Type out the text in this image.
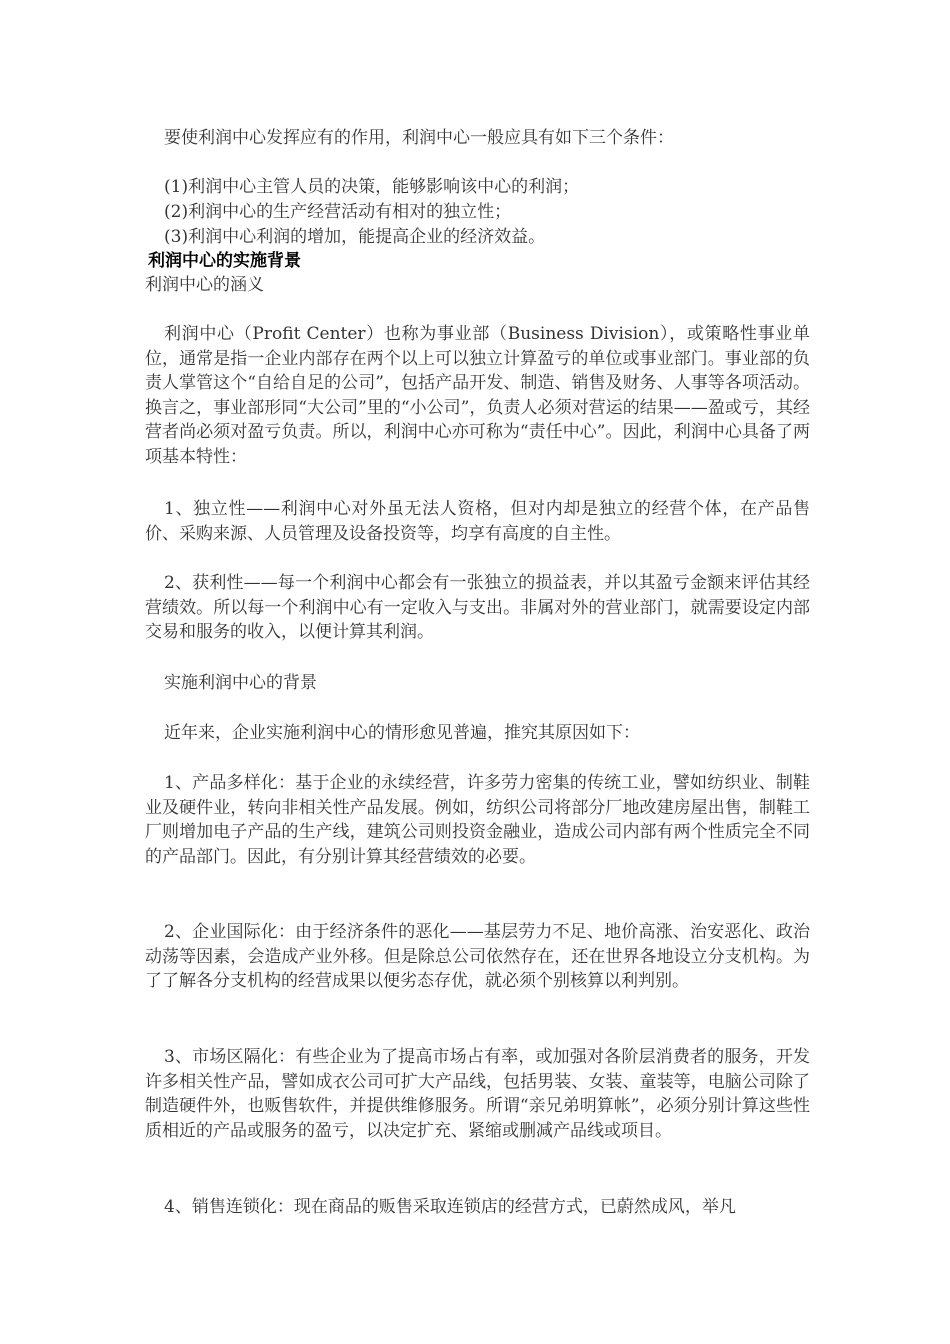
要使利润中心发挥应有的作用，利润中心一般应具有如下三个条件：

(1)利润中心主管人员的决策，能够影响该中心的利润；

(2)利润中心的生产经营活动有相对的独立性；

(3)利润中心利润的增加，能提高企业的经济效益。

利润中心的实施背景

利润中心的涵义

利润中心（Profit Center）也称为事业部（Business Division），或策略性事业单位，通常是指一企业内部存在两个以上可以独立计算盈亏的单位或事业部门。事业部的负责人掌管这个“自给自足的公司”，包括产品开发、制造、销售及财务、人事等各项活动。换言之，事业部形同“大公司”里的“小公司”，负责人必须对营运的结果——盈或亏，其经营者尚必须对盈亏负责。所以，利润中心亦可称为“责任中心”。因此，利润中心具备了两项基本特性：

1、独立性——利润中心对外虽无法人资格，但对内却是独立的经营个体，在产品售价、采购来源、人员管理及设备投资等，均享有高度的自主性。

2、获利性——每一个利润中心都会有一张独立的损益表，并以其盈亏金额来评估其经营绩效。所以每一个利润中心有一定收入与支出。非属对外的营业部门，就需要设定内部交易和服务的收入，以便计算其利润。

实施利润中心的背景

近年来，企业实施利润中心的情形愈见普遍，推究其原因如下：

1、产品多样化：基于企业的永续经营，许多劳力密集的传统工业，譬如纺织业、制鞋业及硬件业，转向非相关性产品发展。例如，纺织公司将部分厂地改建房屋出售，制鞋工厂则增加电子产品的生产线，建筑公司则投资金融业，造成公司内部有两个性质完全不同的产品部门。因此，有分别计算其经营绩效的必要。

2、企业国际化：由于经济条件的恶化——基层劳力不足、地价高涨、治安恶化、政治动荡等因素，会造成产业外移。但是除总公司依然存在，还在世界各地设立分支机构。为了了解各分支机构的经营成果以便劣态存优，就必须个别核算以利判别。

3、市场区隔化：有些企业为了提高市场占有率，或加强对各阶层消费者的服务，开发许多相关性产品，譬如成衣公司可扩大产品线，包括男装、女装、童装等，电脑公司除了制造硬件外，也贩售软件，并提供维修服务。所谓“亲兄弟明算帐”，必须分别计算这些性质相近的产品或服务的盈亏，以决定扩充、紧缩或删减产品线或项目。

4、销售连锁化：现在商品的贩售采取连锁店的经营方式，已蔚然成风，举凡
